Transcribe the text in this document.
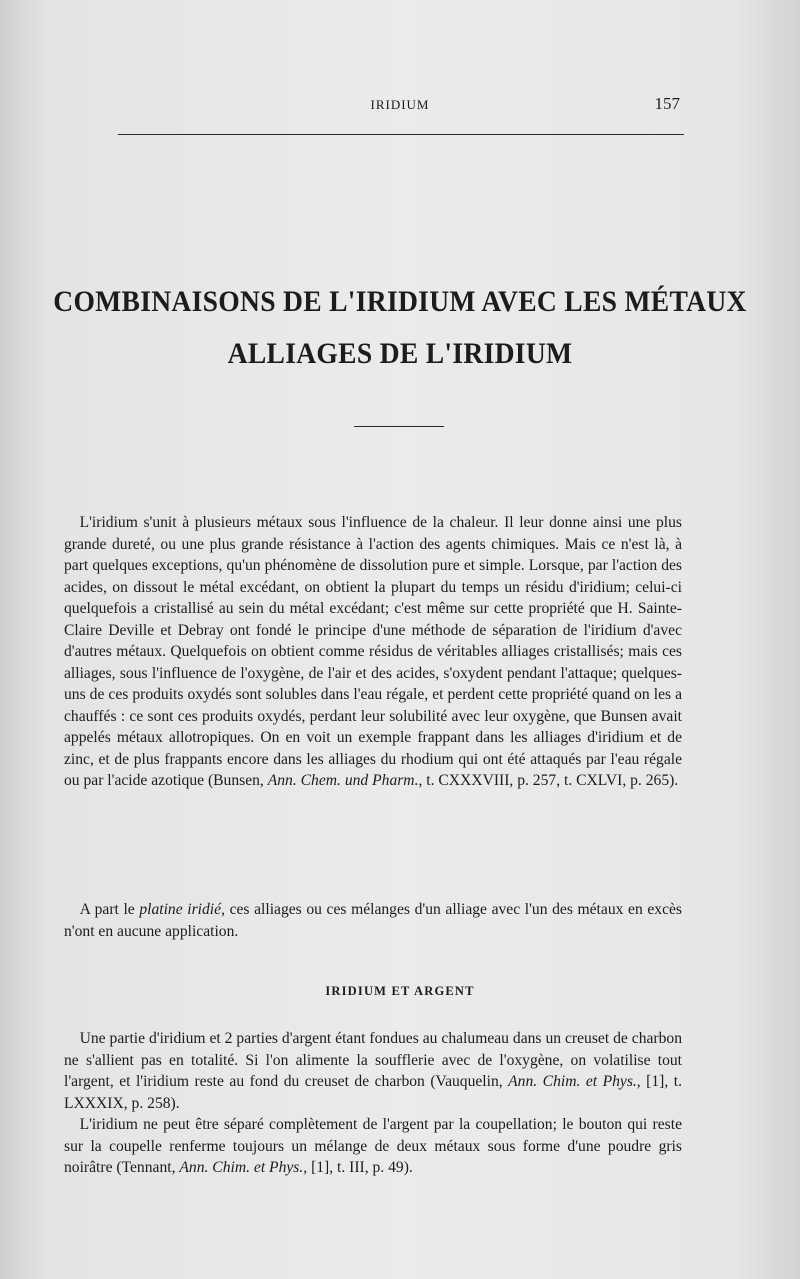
IRIDIUM	157
COMBINAISONS DE L'IRIDIUM AVEC LES MÉTAUX
ALLIAGES DE L'IRIDIUM

 L'iridium s'unit à plusieurs métaux sous l'influence de la chaleur. Il leur donne ainsi une plus grande dureté, ou une plus grande résistance à l'action des agents chimiques. Mais ce n'est là, à part quelques exceptions, qu'un phénomène de dissolution pure et simple. Lorsque, par l'action des acides, on dissout le métal excédant, on obtient la plupart du temps un résidu d'iridium; celui-ci quelquefois a cristallisé au sein du métal excédant; c'est même sur cette propriété que H. Sainte-Claire Deville et Debray ont fondé le principe d'une méthode de séparation de l'iridium d'avec d'autres métaux. Quelquefois on obtient comme résidus de véritables alliages cristallisés; mais ces alliages, sous l'influence de l'oxygène, de l'air et des acides, s'oxydent pendant l'attaque; quelques-uns de ces produits oxydés sont solubles dans l'eau régale, et perdent cette propriété quand on les a chauffés : ce sont ces produits oxydés, perdant leur solubilité avec leur oxygène, que Bunsen avait appelés métaux allotropiques. On en voit un exemple frappant dans les alliages d'iridium et de zinc, et de plus frappants encore dans les alliages du rhodium qui ont été attaqués par l'eau régale ou par l'acide azotique (Bunsen, Ann. Chem. und Pharm., t. CXXXVIII, p. 257, t. CXLVI, p. 265).

 A part le platine iridié, ces alliages ou ces mélanges d'un alliage avec l'un des métaux en excès n'ont en aucune application.

IRIDIUM ET ARGENT

 Une partie d'iridium et 2 parties d'argent étant fondues au chalumeau dans un creuset de charbon ne s'allient pas en totalité. Si l'on alimente la soufflerie avec de l'oxygène, on volatilise tout l'argent, et l'iridium reste au fond du creuset de charbon (Vauquelin, Ann. Chim. et Phys., [1], t. LXXXIX, p. 258).

 L'iridium ne peut être séparé complètement de l'argent par la coupellation; le bouton qui reste sur la coupelle renferme toujours un mélange de deux métaux sous forme d'une poudre gris noirâtre (Tennant, Ann. Chim. et Phys., [1], t. III, p. 49).
